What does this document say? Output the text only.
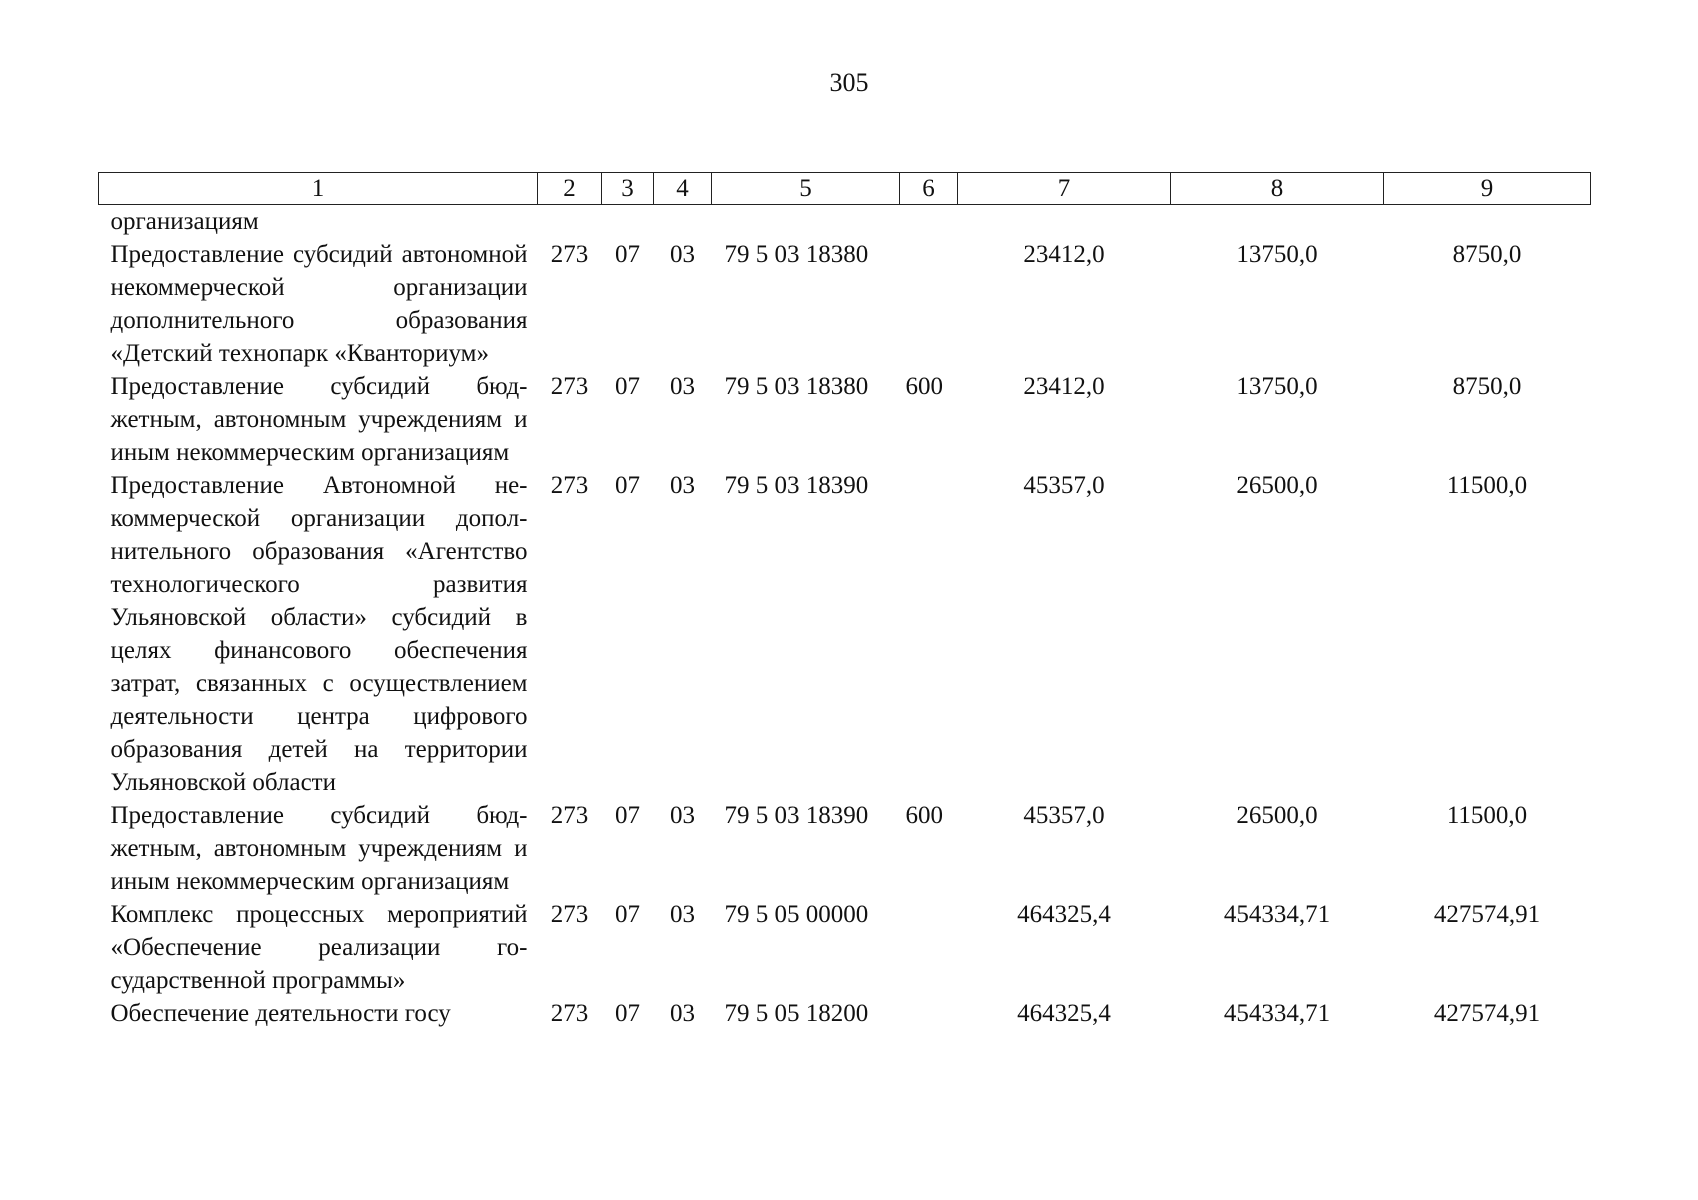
305
1	2	3	4	5	6	7	8	9
организациям								
Предоставление субсидий автономной некоммерческой организации дополнительного образования «Детский технопарк «Кванториум»	273	07	03	79 5 03 18380		23412,0	13750,0	8750,0
Предоставление субсидий бюджетным, автономным учреждениям и иным некоммерческим организациям	273	07	03	79 5 03 18380	600	23412,0	13750,0	8750,0
Предоставление Автономной некоммерческой организации дополнительного образования «Агентство технологического развития Ульяновской области» субсидий в целях финансового обеспечения затрат, связанных с осуществлением деятельности центра цифрового образования детей на территории Ульяновской области	273	07	03	79 5 03 18390		45357,0	26500,0	11500,0
Предоставление субсидий бюджетным, автономным учреждениям и иным некоммерческим организациям	273	07	03	79 5 03 18390	600	45357,0	26500,0	11500,0
Комплекс процессных мероприятий «Обеспечение реализации государственной программы»	273	07	03	79 5 05 00000		464325,4	454334,71	427574,91
Обеспечение деятельности госу	273	07	03	79 5 05 18200		464325,4	454334,71	427574,91
